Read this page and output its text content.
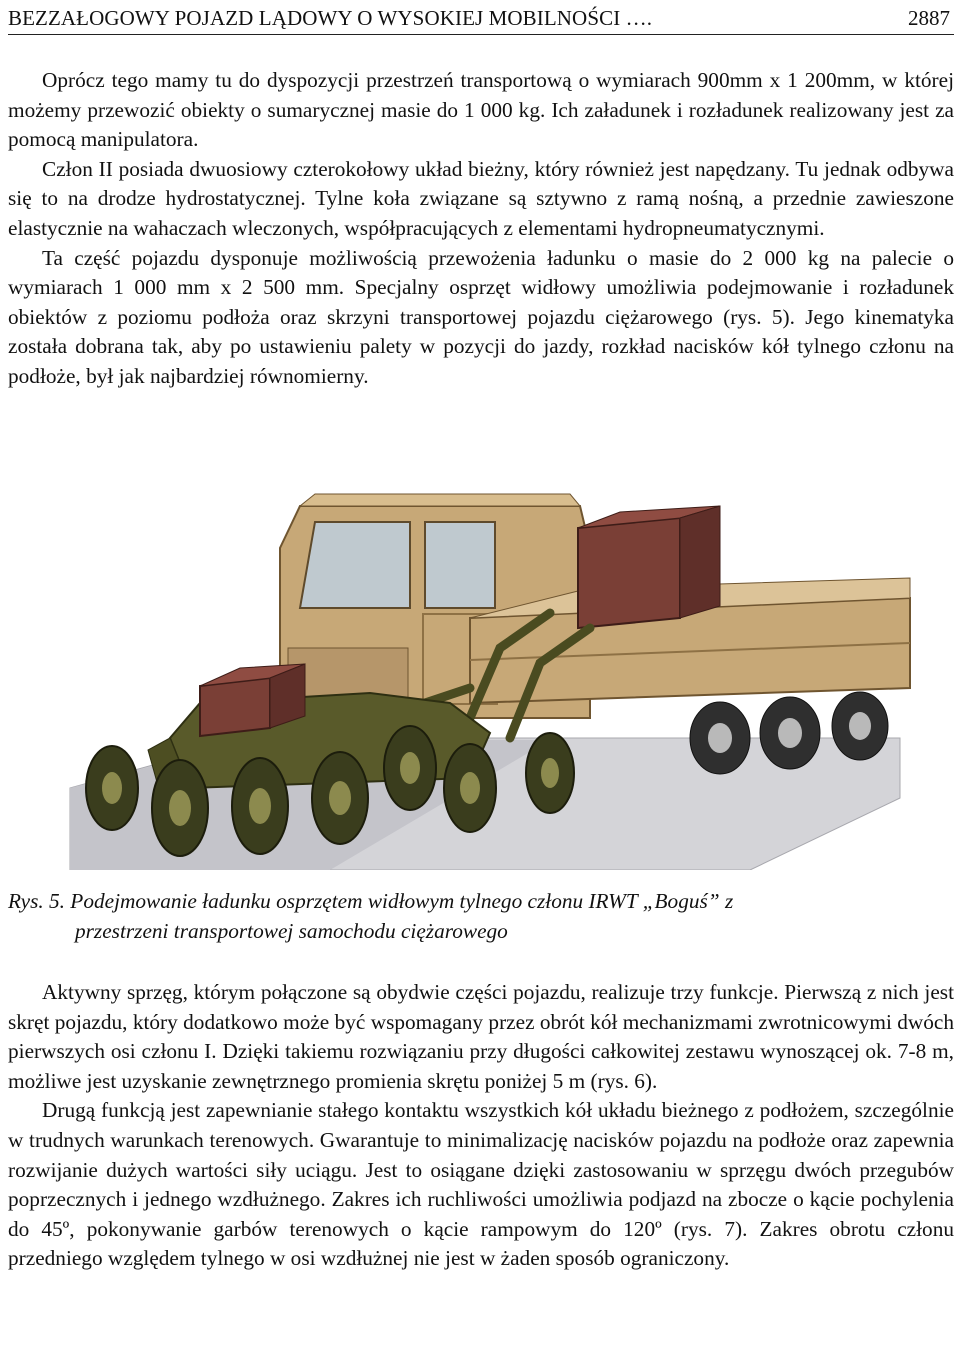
BEZZAŁOGOWY POJAZD LĄDOWY O WYSOKIEJ MOBILNOŚCI ….	2887

Oprócz tego mamy tu do dyspozycji przestrzeń transportową o wymiarach 900mm x 1 200mm, w której możemy przewozić obiekty o sumarycznej masie do 1 000 kg. Ich załadunek i rozładunek realizowany jest za pomocą manipulatora.

Człon II posiada dwuosiowy czterokołowy układ bieżny, który również jest napędzany. Tu jednak odbywa się to na drodze hydrostatycznej. Tylne koła związane są sztywno z ramą nośną, a przednie zawieszone elastycznie na wahaczach wleczonych, współpracujących z elementami hydropneumatycznymi.

Ta część pojazdu dysponuje możliwością przewożenia ładunku o masie do 2 000 kg na palecie o wymiarach 1 000 mm x 2 500 mm. Specjalny osprzęt widłowy umożliwia podejmowanie i rozładunek obiektów z poziomu podłoża oraz skrzyni transportowej pojazdu ciężarowego (rys. 5). Jego kinematyka została dobrana tak, aby po ustawieniu palety w pozycji do jazdy, rozkład nacisków kół tylnego członu na podłoże, był jak najbardziej równomierny.

Rys. 5. Podejmowanie ładunku osprzętem widłowym tylnego członu IRWT „Boguś” z
przestrzeni transportowej samochodu ciężarowego

Aktywny sprzęg, którym połączone są obydwie części pojazdu, realizuje trzy funkcje. Pierwszą z nich jest skręt pojazdu, który dodatkowo może być wspomagany przez obrót kół mechanizmami zwrotnicowymi dwóch pierwszych osi członu I. Dzięki takiemu rozwiązaniu przy długości całkowitej zestawu wynoszącej ok. 7-8 m, możliwe jest uzyskanie zewnętrznego promienia skrętu poniżej 5 m (rys. 6).

Drugą funkcją jest zapewnianie stałego kontaktu wszystkich kół układu bieżnego z podłożem, szczególnie w trudnych warunkach terenowych. Gwarantuje to minimalizację nacisków pojazdu na podłoże oraz zapewnia rozwijanie dużych wartości siły uciągu. Jest to osiągane dzięki zastosowaniu w sprzęgu dwóch przegubów poprzecznych i jednego wzdłużnego. Zakres ich ruchliwości umożliwia podjazd na zbocze o kącie pochylenia do 45º, pokonywanie garbów terenowych o kącie rampowym do 120º (rys. 7). Zakres obrotu członu przedniego względem tylnego w osi wzdłużnej nie jest w żaden sposób ograniczony.
